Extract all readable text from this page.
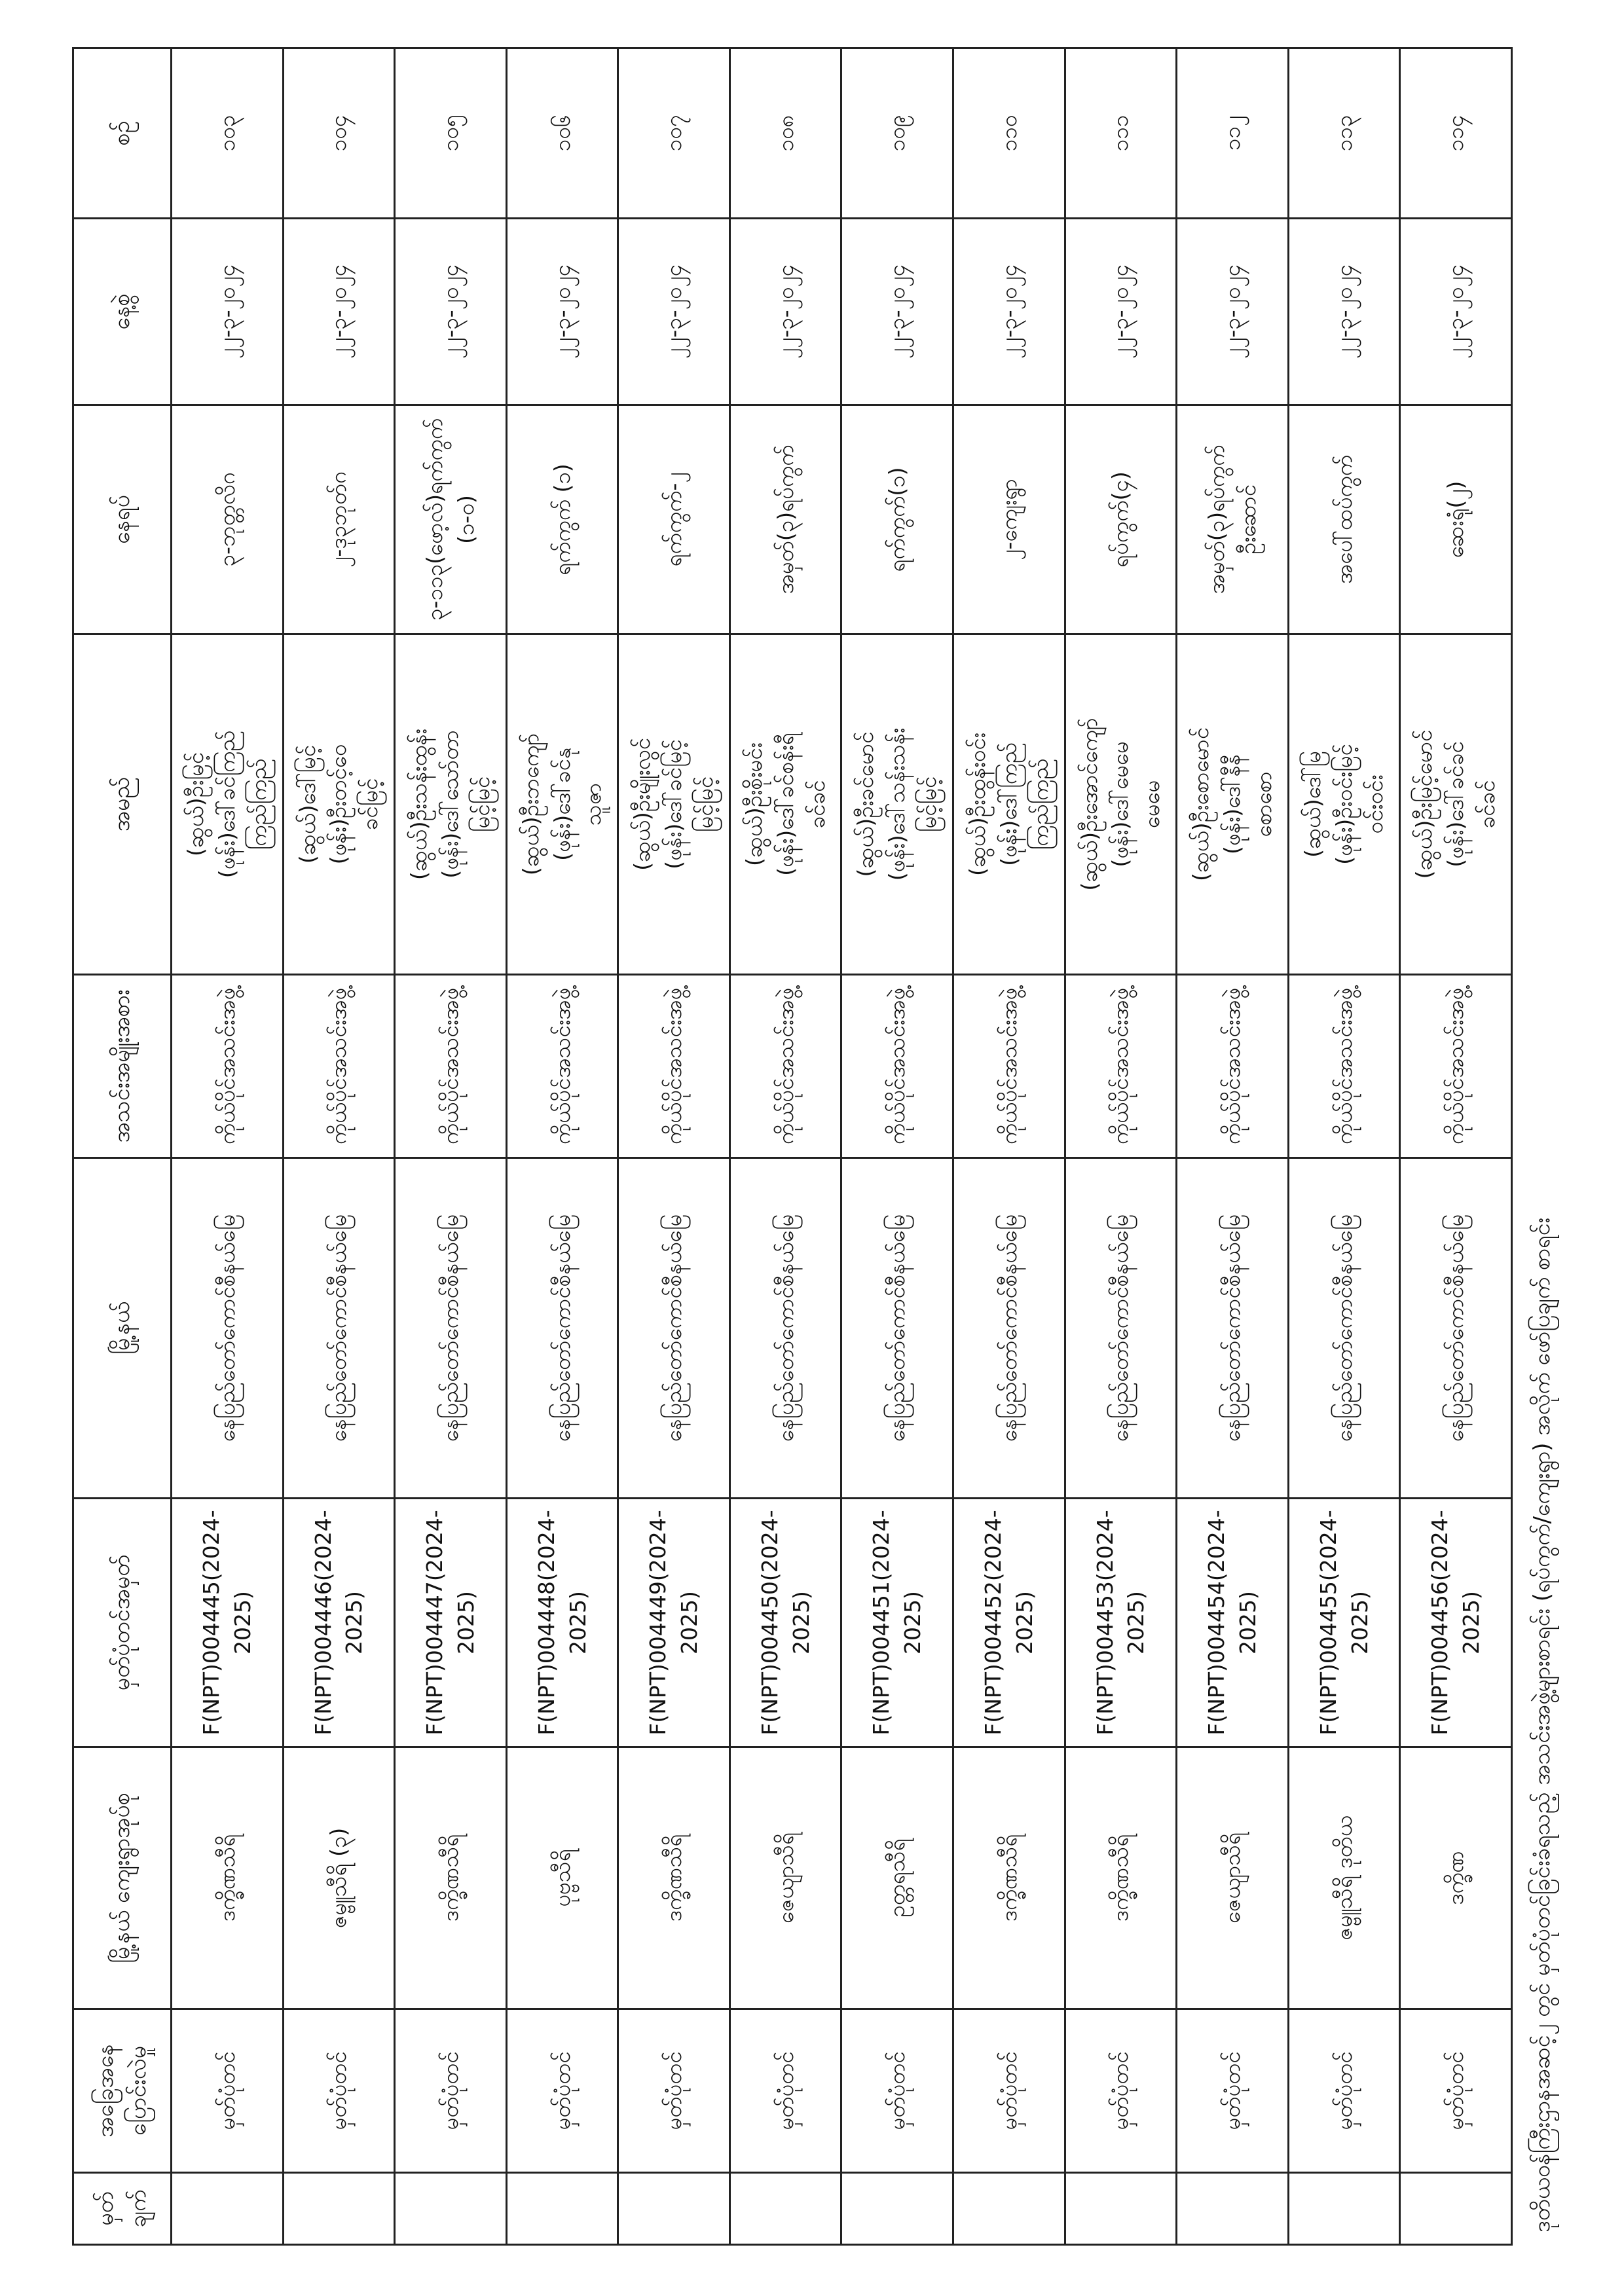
မှတ် ချက်	အခြေအနေ ပြောင်းလဲမှု	မြို့နယ် ကျေးရွာအုပ်စု	မှတ်ပုံတင်အမှတ်	မြို့နယ်	အသင်းအမျိုးအစား	အမည်	နေရပ်	နေ့စွဲ	စဉ်
	မှတ်ပုံတင်	ဒက္ခိဏသီရိ	F(NPT)004445(2024-2025)	နေပြည်တော်ကောင်စီနယ်မြေ	ကိုယ်ပိုင်အသင်းအဖွဲ့	(ဆွယ်)ဦးမြင့် (ဖုန်း)ဒေါ်ခင်ကြည် ကြည်ကြည်	၃-ဘုတ္တလိဂ	၂၂-၃-၂၀၂၄	၁၀၃
	မှတ်ပုံတင်	ဇမ္ဗူသီရိ (၃)	F(NPT)004446(2024-2025)	နေပြည်တော်ကောင်စီနယ်မြေ	ကိုယ်ပိုင်အသင်းအဖွဲ့	(ဆွယ်)ဒေါ်မြင့် (ဖုန်း)ဦးတင့်ဝေ ခင်မြင့်	၂-ဒု၃ဘုတ်ဂ	၂၂-၃-၂၀၂၄	၁၀၄
	မှတ်ပုံတင်	ဒက္ခိဏသီရိ	F(NPT)004447(2024-2025)	နေပြည်တော်ကောင်စီနယ်မြေ	ကိုယ်ပိုင်အသင်းအဖွဲ့	(ဆွယ်)ဦးသန်းထွန်း (ဖုန်း)ဒေါ်သော်တာ မြင့်မြင့်	၃-၁၁၃(ဖော့လ်)ရက်ကွက် (၁-၀)	၂၂-၃-၂၀၂၄	၁၀၅
	မှတ်ပုံတင်	ပုဗ္ဗသီရိ	F(NPT)004448(2024-2025)	နေပြည်တော်ကောင်စီနယ်မြေ	ကိုယ်ပိုင်အသင်းအဖွဲ့	(ဆွယ်)ဦးဘကျော် (ဖုန်း)ဒေါ်ခင်နု သူဇာ	ရက်ကွက် (၁)	၂၂-၃-၂၀၂၄	၁၀၆
	မှတ်ပုံတင်	ဒက္ခိဏသီရိ	F(NPT)004449(2024-2025)	နေပြည်တော်ကောင်စီနယ်မြေ	ကိုယ်ပိုင်အသင်းအဖွဲ့	(ဆွယ်)ဦးမျိုးလွင် (ဖုန်း)ဒေါ်ခင်မြင့် မြင့်မြင့်	ရက်ကွက်-၂	၂၂-၃-၂၀၂၄	၁၀၇
	မှတ်ပုံတင်	ဇေယျာသီရိ	F(NPT)004450(2024-2025)	နေပြည်တော်ကောင်စီနယ်မြေ	ကိုယ်ပိုင်အသင်းအဖွဲ့	(ဆွယ်)ဦးစိုးမင်း (ဖုန်း)ဒေါ်ခင်စန်းရီ ခင်ခင်	အမှတ်(၃)ရပ်ကွက်	၂၂-၃-၂၀၂၄	၁၀၈
	မှတ်ပုံတင်	ဥတ္တရသီရိ	F(NPT)004451(2024-2025)	နေပြည်တော်ကောင်စီနယ်မြေ	ကိုယ်ပိုင်အသင်းအဖွဲ့	(ဆွယ်)ဦးခင်မောင် (ဖုန်း)ဒေါ်သန်းသန်း မြင့်မြင့်	ရက်ကွက်(၁)	၂၂-၃-၂၀၂၄	၁၀၉
	မှတ်ပုံတင်	ဒက္ခိဏသီရိ	F(NPT)004452(2024-2025)	နေပြည်တော်ကောင်စီနယ်မြေ	ကိုယ်ပိုင်အသင်းအဖွဲ့	(ဆွယ်)ဦးထွန်းဝင်း (ဖုန်း)ဒေါ်ကြည် ကြည်ကြည်	၂-ကျေးရွာ	၂၂-၃-၂၀၂၄	၁၁၀
	မှတ်ပုံတင်	ဒက္ခိဏသီရိ	F(NPT)004453(2024-2025)	နေပြည်တော်ကောင်စီနယ်မြေ	ကိုယ်ပိုင်အသင်းအဖွဲ့	(ဆွယ်)ဦးအောင်ကျော် (ဖုန်း)ဒေါ်မေမေ မေမေ	ရပ်ကွက်(၄)	၂၂-၃-၂၀၂၄	၁၁၁
	မှတ်ပုံတင်	ဇေယျာသီရိ	F(NPT)004454(2024-2025)	နေပြည်တော်ကောင်စီနယ်မြေ	ကိုယ်ပိုင်အသင်းအဖွဲ့	(ဆွယ်)ဦးစောမောင် (ဖုန်း)ဒေါ်နီနီ စောစော	အမှတ်(၃)ရပ်ကွက် ဦးဆောင်	၂၂-၃-၂၀၂၄	၁၁၂
	မှတ်ပုံတင်	ဇမ္ဗူသီရိ ဒုတိယ	F(NPT)004455(2024-2025)	နေပြည်တော်ကောင်စီနယ်မြေ	ကိုယ်ပိုင်အသင်းအဖွဲ့	(ဆွယ်)ဒေါ်မြ (ဖုန်း)ဦးဝင်းမြင့် ဝင်းဝင်း	အပေါ်ထပ်ကွက်	၂၂-၃-၂၀၂၄	၁၁၃
	မှတ်ပုံတင်	ဒက္ခိဏ	F(NPT)004456(2024-2025)	နေပြည်တော်ကောင်စီနယ်မြေ	ကိုယ်ပိုင်အသင်းအဖွဲ့	(ဆွယ်)ဦးမြင့်မောင် (ဖုန်း)ဒေါ်ခင်ခင် ခင်ခင်	ဆေးရုံ(၂)	၂၂-၃-၂၀၂၄	၁၁၄
ဒုတိယဝန်ကြီးဌာနအဆင့်၂ တွင် မှတ်ပုံတင်ခြင်းခံရသည့် အသင်းအဖွဲ့များစာရင်း (ရပ်ကွက်/ကျေးရွာ) အလိုက် ဖော်ပြချက် စာရင်း
